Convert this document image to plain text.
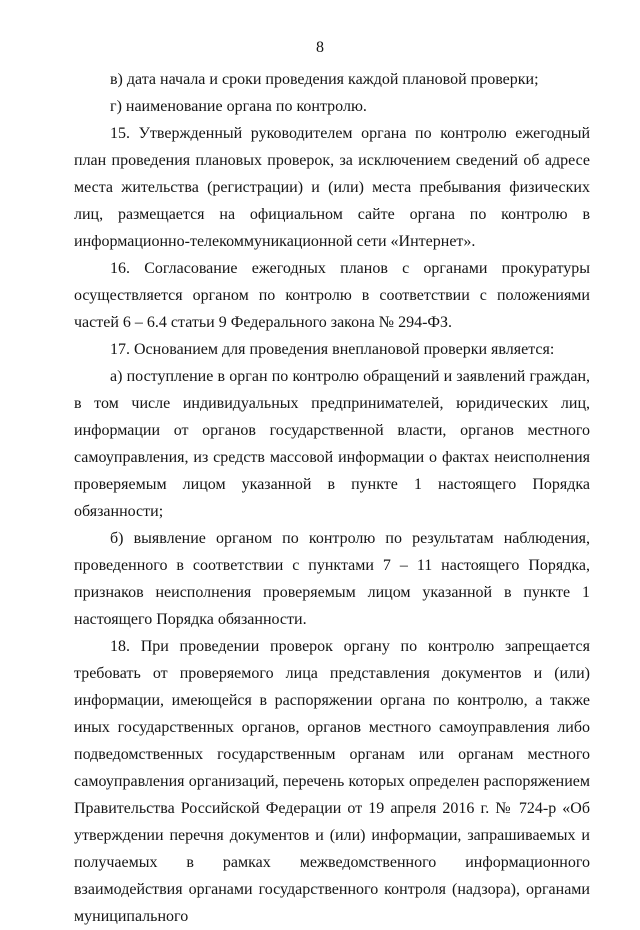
8

в) дата начала и сроки проведения каждой плановой проверки;

г) наименование органа по контролю.

15. Утвержденный руководителем органа по контролю ежегодный план проведения плановых проверок, за исключением сведений об адресе места жительства (регистрации) и (или) места пребывания физических лиц, размещается на официальном сайте органа по контролю в информационно-телекоммуникационной сети «Интернет».

16. Согласование ежегодных планов с органами прокуратуры осуществляется органом по контролю в соответствии с положениями частей 6 – 6.4 статьи 9 Федерального закона № 294-ФЗ.

17. Основанием для проведения внеплановой проверки является:

а) поступление в орган по контролю обращений и заявлений граждан, в том числе индивидуальных предпринимателей, юридических лиц, информации от органов государственной власти, органов местного самоуправления, из средств массовой информации о фактах неисполнения проверяемым лицом указанной в пункте 1 настоящего Порядка обязанности;

б) выявление органом по контролю по результатам наблюдения, проведенного в соответствии с пунктами 7 – 11 настоящего Порядка, признаков неисполнения проверяемым лицом указанной в пункте 1 настоящего Порядка обязанности.

18. При проведении проверок органу по контролю запрещается требовать от проверяемого лица представления документов и (или) информации, имеющейся в распоряжении органа по контролю, а также иных государственных органов, органов местного самоуправления либо подведомственных государственным органам или органам местного самоуправления организаций, перечень которых определен распоряжением Правительства Российской Федерации от 19 апреля 2016 г. № 724-р «Об утверждении перечня документов и (или) информации, запрашиваемых и получаемых в рамках межведомственного информационного взаимодействия органами государственного контроля (надзора), органами муниципального
